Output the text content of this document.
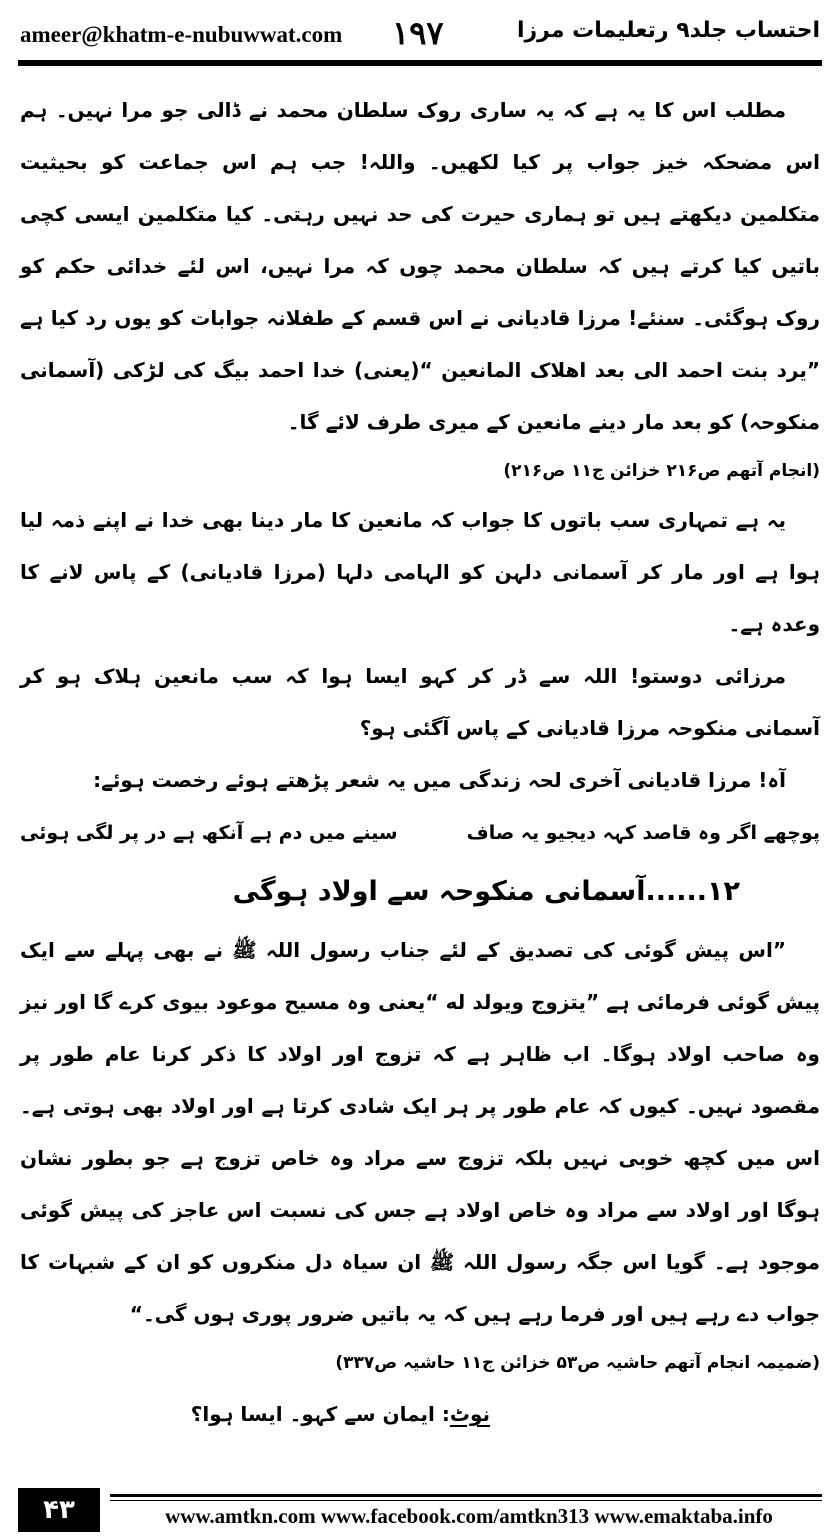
ameer@khatm-e-nubuwwat.com ۱۹۷	احتساب جلد۹ رتعلیمات مرزا
مطلب اس کا یہ ہے کہ یہ ساری روک سلطان محمد نے ڈالی جو مرا نہیں۔ ہم اس مضحکہ خیز جواب پر کیا لکھیں۔ واللہ! جب ہم اس جماعت کو بحیثیت متکلمین دیکھتے ہیں تو ہماری حیرت کی حد نہیں رہتی۔ کیا متکلمین ایسی کچی باتیں کیا کرتے ہیں کہ سلطان محمد چوں کہ مرا نہیں، اس لئے خدائی حکم کو روک ہوگئی۔ سنئے! مرزا قادیانی نے اس قسم کے طفلانہ جوابات کو یوں رد کیا ہے ”یرد بنت احمد الی بعد اهلاک المانعین “(یعنی) خدا احمد بیگ کی لڑکی (آسمانی منکوحہ) کو بعد مار دینے مانعین کے میری طرف لائے گا۔
(انجام آتھم ص۲۱۶ خزائن ج۱۱ ص۲۱۶)
یہ ہے تمہاری سب باتوں کا جواب کہ مانعین کا مار دینا بھی خدا نے اپنے ذمہ لیا ہوا ہے اور مار کر آسمانی دلہن کو الہامی دلہا (مرزا قادیانی) کے پاس لانے کا وعدہ ہے۔
مرزائی دوستو! اللہ سے ڈر کر کہو ایسا ہوا کہ سب مانعین ہلاک ہو کر آسمانی منکوحہ مرزا قادیانی کے پاس آگئی ہو؟
آہ! مرزا قادیانی آخری لحہ زندگی میں یہ شعر پڑھتے ہوئے رخصت ہوئے:
پوچھے اگر وہ قاصد کہہ دیجیو یہ صاف
سینے میں دم ہے آنکھ ہے در پر لگی ہوئی
۱۲......آسمانی منکوحہ سے اولاد ہوگی
”اس پیش گوئی کی تصدیق کے لئے جناب رسول اللہ ﷺ نے بھی پہلے سے ایک پیش گوئی فرمائی ہے ”یتزوج ویولد له “یعنی وہ مسیح موعود بیوی کرے گا اور نیز وہ صاحب اولاد ہوگا۔ اب ظاہر ہے کہ تزوج اور اولاد کا ذکر کرنا عام طور پر مقصود نہیں۔ کیوں کہ عام طور پر ہر ایک شادی کرتا ہے اور اولاد بھی ہوتی ہے۔ اس میں کچھ خوبی نہیں بلکہ تزوج سے مراد وہ خاص تزوج ہے جو بطور نشان ہوگا اور اولاد سے مراد وہ خاص اولاد ہے جس کی نسبت اس عاجز کی پیش گوئی موجود ہے۔ گویا اس جگہ رسول اللہ ﷺ ان سیاہ دل منکروں کو ان کے شبہات کا جواب دے رہے ہیں اور فرما رہے ہیں کہ یہ باتیں ضرور پوری ہوں گی۔“
(ضمیمہ انجام آتھم حاشیہ ص۵۳ خزائن ج۱۱ حاشیہ ص۳۳۷)
نوٹ: ایمان سے کہو۔ ایسا ہوا؟
۴۳	www.amtkn.com www.facebook.com/amtkn313 www.emaktaba.info
